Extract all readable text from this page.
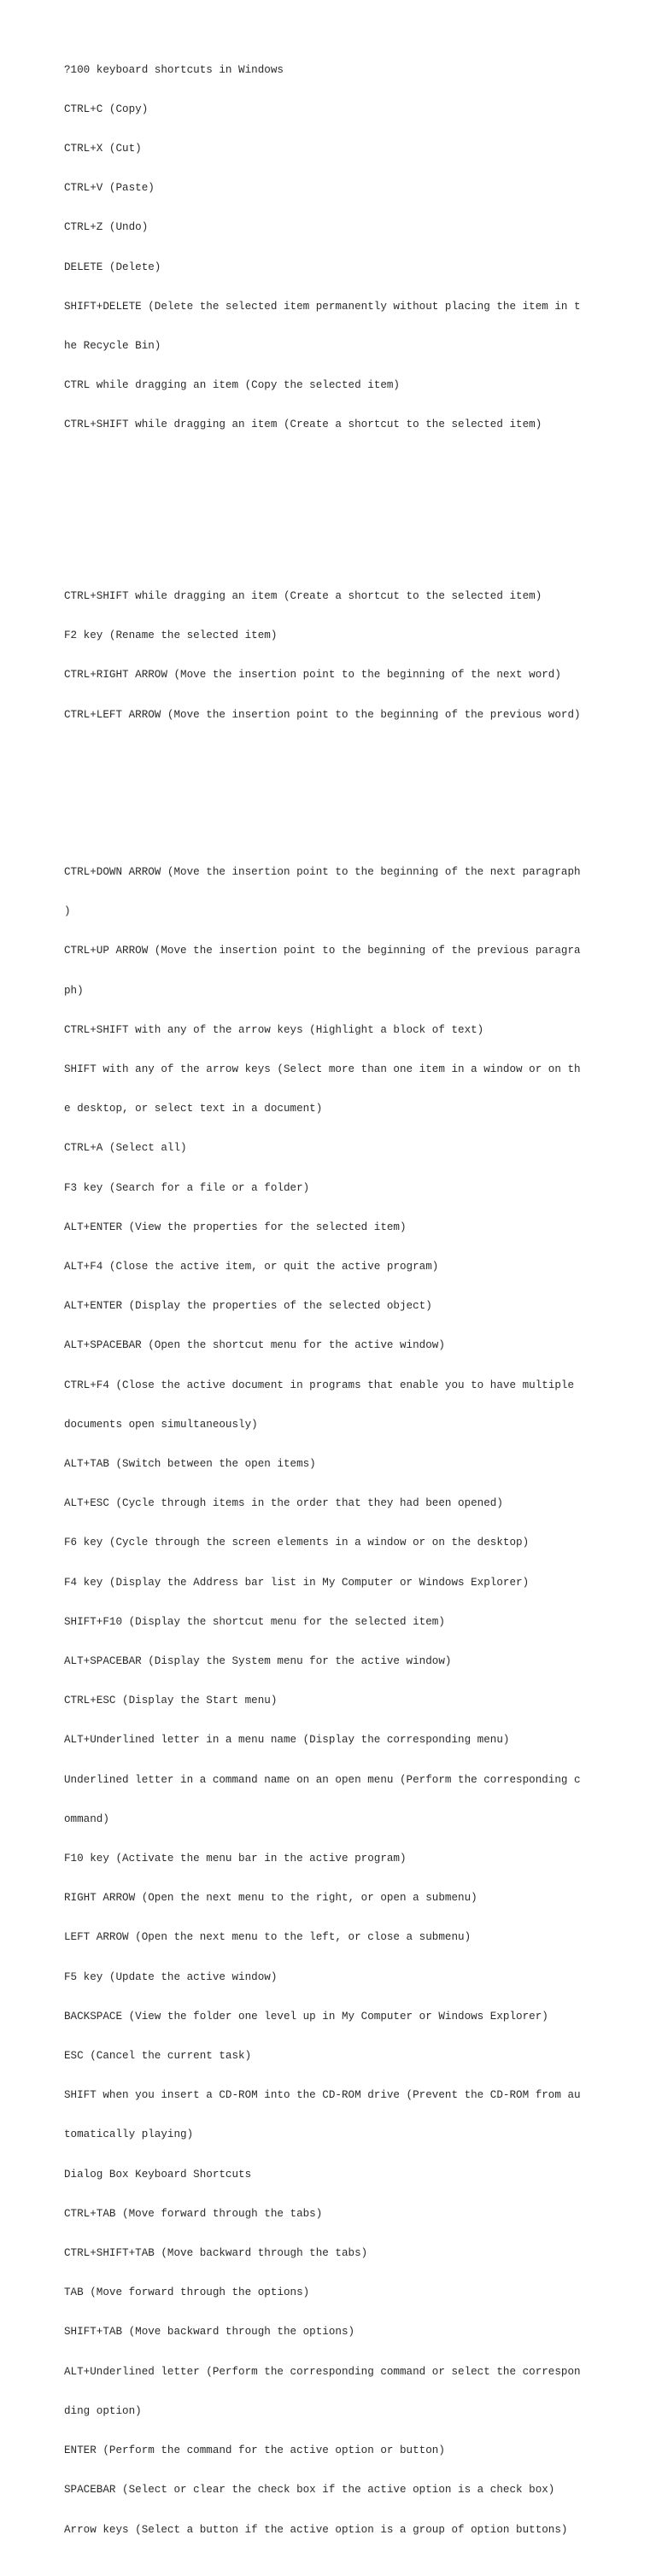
?100 keyboard shortcuts in Windows

CTRL+C (Copy)

CTRL+X (Cut)

CTRL+V (Paste)

CTRL+Z (Undo)

DELETE (Delete)

SHIFT+DELETE (Delete the selected item permanently without placing the item in t

he Recycle Bin)

CTRL while dragging an item (Copy the selected item)

CTRL+SHIFT while dragging an item (Create a shortcut to the selected item)

CTRL+SHIFT while dragging an item (Create a shortcut to the selected item)

F2 key (Rename the selected item)

CTRL+RIGHT ARROW (Move the insertion point to the beginning of the next word)

CTRL+LEFT ARROW (Move the insertion point to the beginning of the previous word)

CTRL+DOWN ARROW (Move the insertion point to the beginning of the next paragraph

)

CTRL+UP ARROW (Move the insertion point to the beginning of the previous paragra

ph)

CTRL+SHIFT with any of the arrow keys (Highlight a block of text)

SHIFT with any of the arrow keys (Select more than one item in a window or on th

e desktop, or select text in a document)

CTRL+A (Select all)

F3 key (Search for a file or a folder)

ALT+ENTER (View the properties for the selected item)

ALT+F4 (Close the active item, or quit the active program)

ALT+ENTER (Display the properties of the selected object)

ALT+SPACEBAR (Open the shortcut menu for the active window)

CTRL+F4 (Close the active document in programs that enable you to have multiple

documents open simultaneously)

ALT+TAB (Switch between the open items)

ALT+ESC (Cycle through items in the order that they had been opened)

F6 key (Cycle through the screen elements in a window or on the desktop)

F4 key (Display the Address bar list in My Computer or Windows Explorer)

SHIFT+F10 (Display the shortcut menu for the selected item)

ALT+SPACEBAR (Display the System menu for the active window)

CTRL+ESC (Display the Start menu)

ALT+Underlined letter in a menu name (Display the corresponding menu)

Underlined letter in a command name on an open menu (Perform the corresponding c

ommand)

F10 key (Activate the menu bar in the active program)

RIGHT ARROW (Open the next menu to the right, or open a submenu)

LEFT ARROW (Open the next menu to the left, or close a submenu)

F5 key (Update the active window)

BACKSPACE (View the folder one level up in My Computer or Windows Explorer)

ESC (Cancel the current task)

SHIFT when you insert a CD-ROM into the CD-ROM drive (Prevent the CD-ROM from au

tomatically playing)

Dialog Box Keyboard Shortcuts

CTRL+TAB (Move forward through the tabs)

CTRL+SHIFT+TAB (Move backward through the tabs)

TAB (Move forward through the options)

SHIFT+TAB (Move backward through the options)

ALT+Underlined letter (Perform the corresponding command or select the correspon

ding option)

ENTER (Perform the command for the active option or button)

SPACEBAR (Select or clear the check box if the active option is a check box)

Arrow keys (Select a button if the active option is a group of option buttons)
